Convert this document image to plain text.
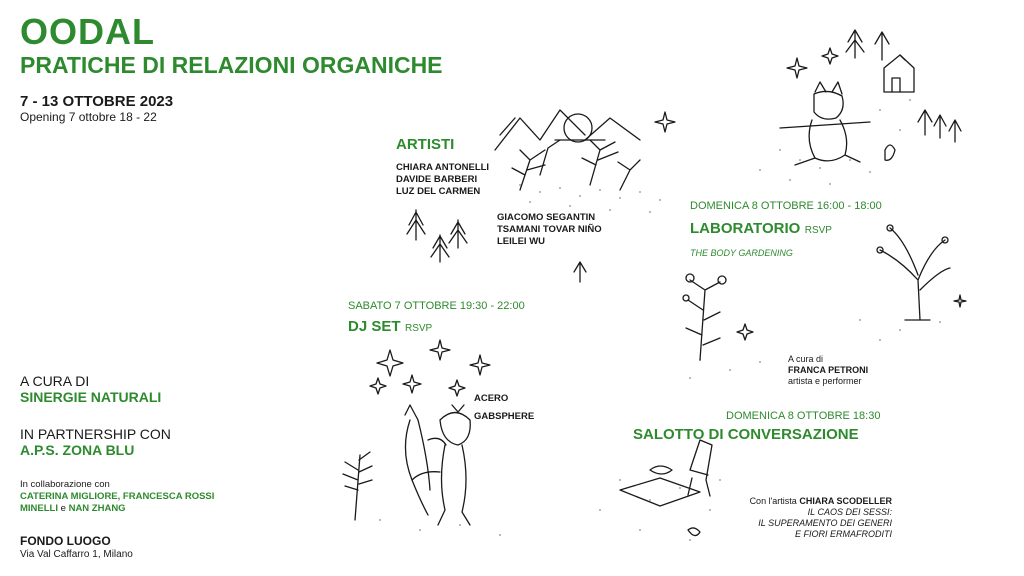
OODAL
PRATICHE DI RELAZIONI ORGANICHE
7 - 13 OTTOBRE 2023
Opening 7 ottobre 18 - 22
ARTISTI
CHIARA ANTONELLI
DAVIDE BARBERI
LUZ DEL CARMEN
GIACOMO SEGANTIN
TSAMANI TOVAR NIÑO
LEILEI WU
DOMENICA 8 OTTOBRE 16:00 - 18:00
LABORATORIO RSVP
THE BODY GARDENING
A cura di
FRANCA PETRONI
artista e performer
SABATO 7 OTTOBRE 19:30 - 22:00
DJ SET RSVP
ACERO
GABSPHERE	DOMENICA 8 OTTOBRE 18:30
SALOTTO DI CONVERSAZIONE
Con l'artista CHIARA SCODELLER
IL CAOS DEI SESSI:
IL SUPERAMENTO DEI GENERI
E FIORI ERMAFRODITI
A CURA DI
SINERGIE NATURALI
IN PARTNERSHIP CON
A.P.S. ZONA BLU
In collaborazione con
CATERINA MIGLIORE, FRANCESCA ROSSI
MINELLI e NAN ZHANG
FONDO LUOGO
Via Val Caffarro 1, Milano
